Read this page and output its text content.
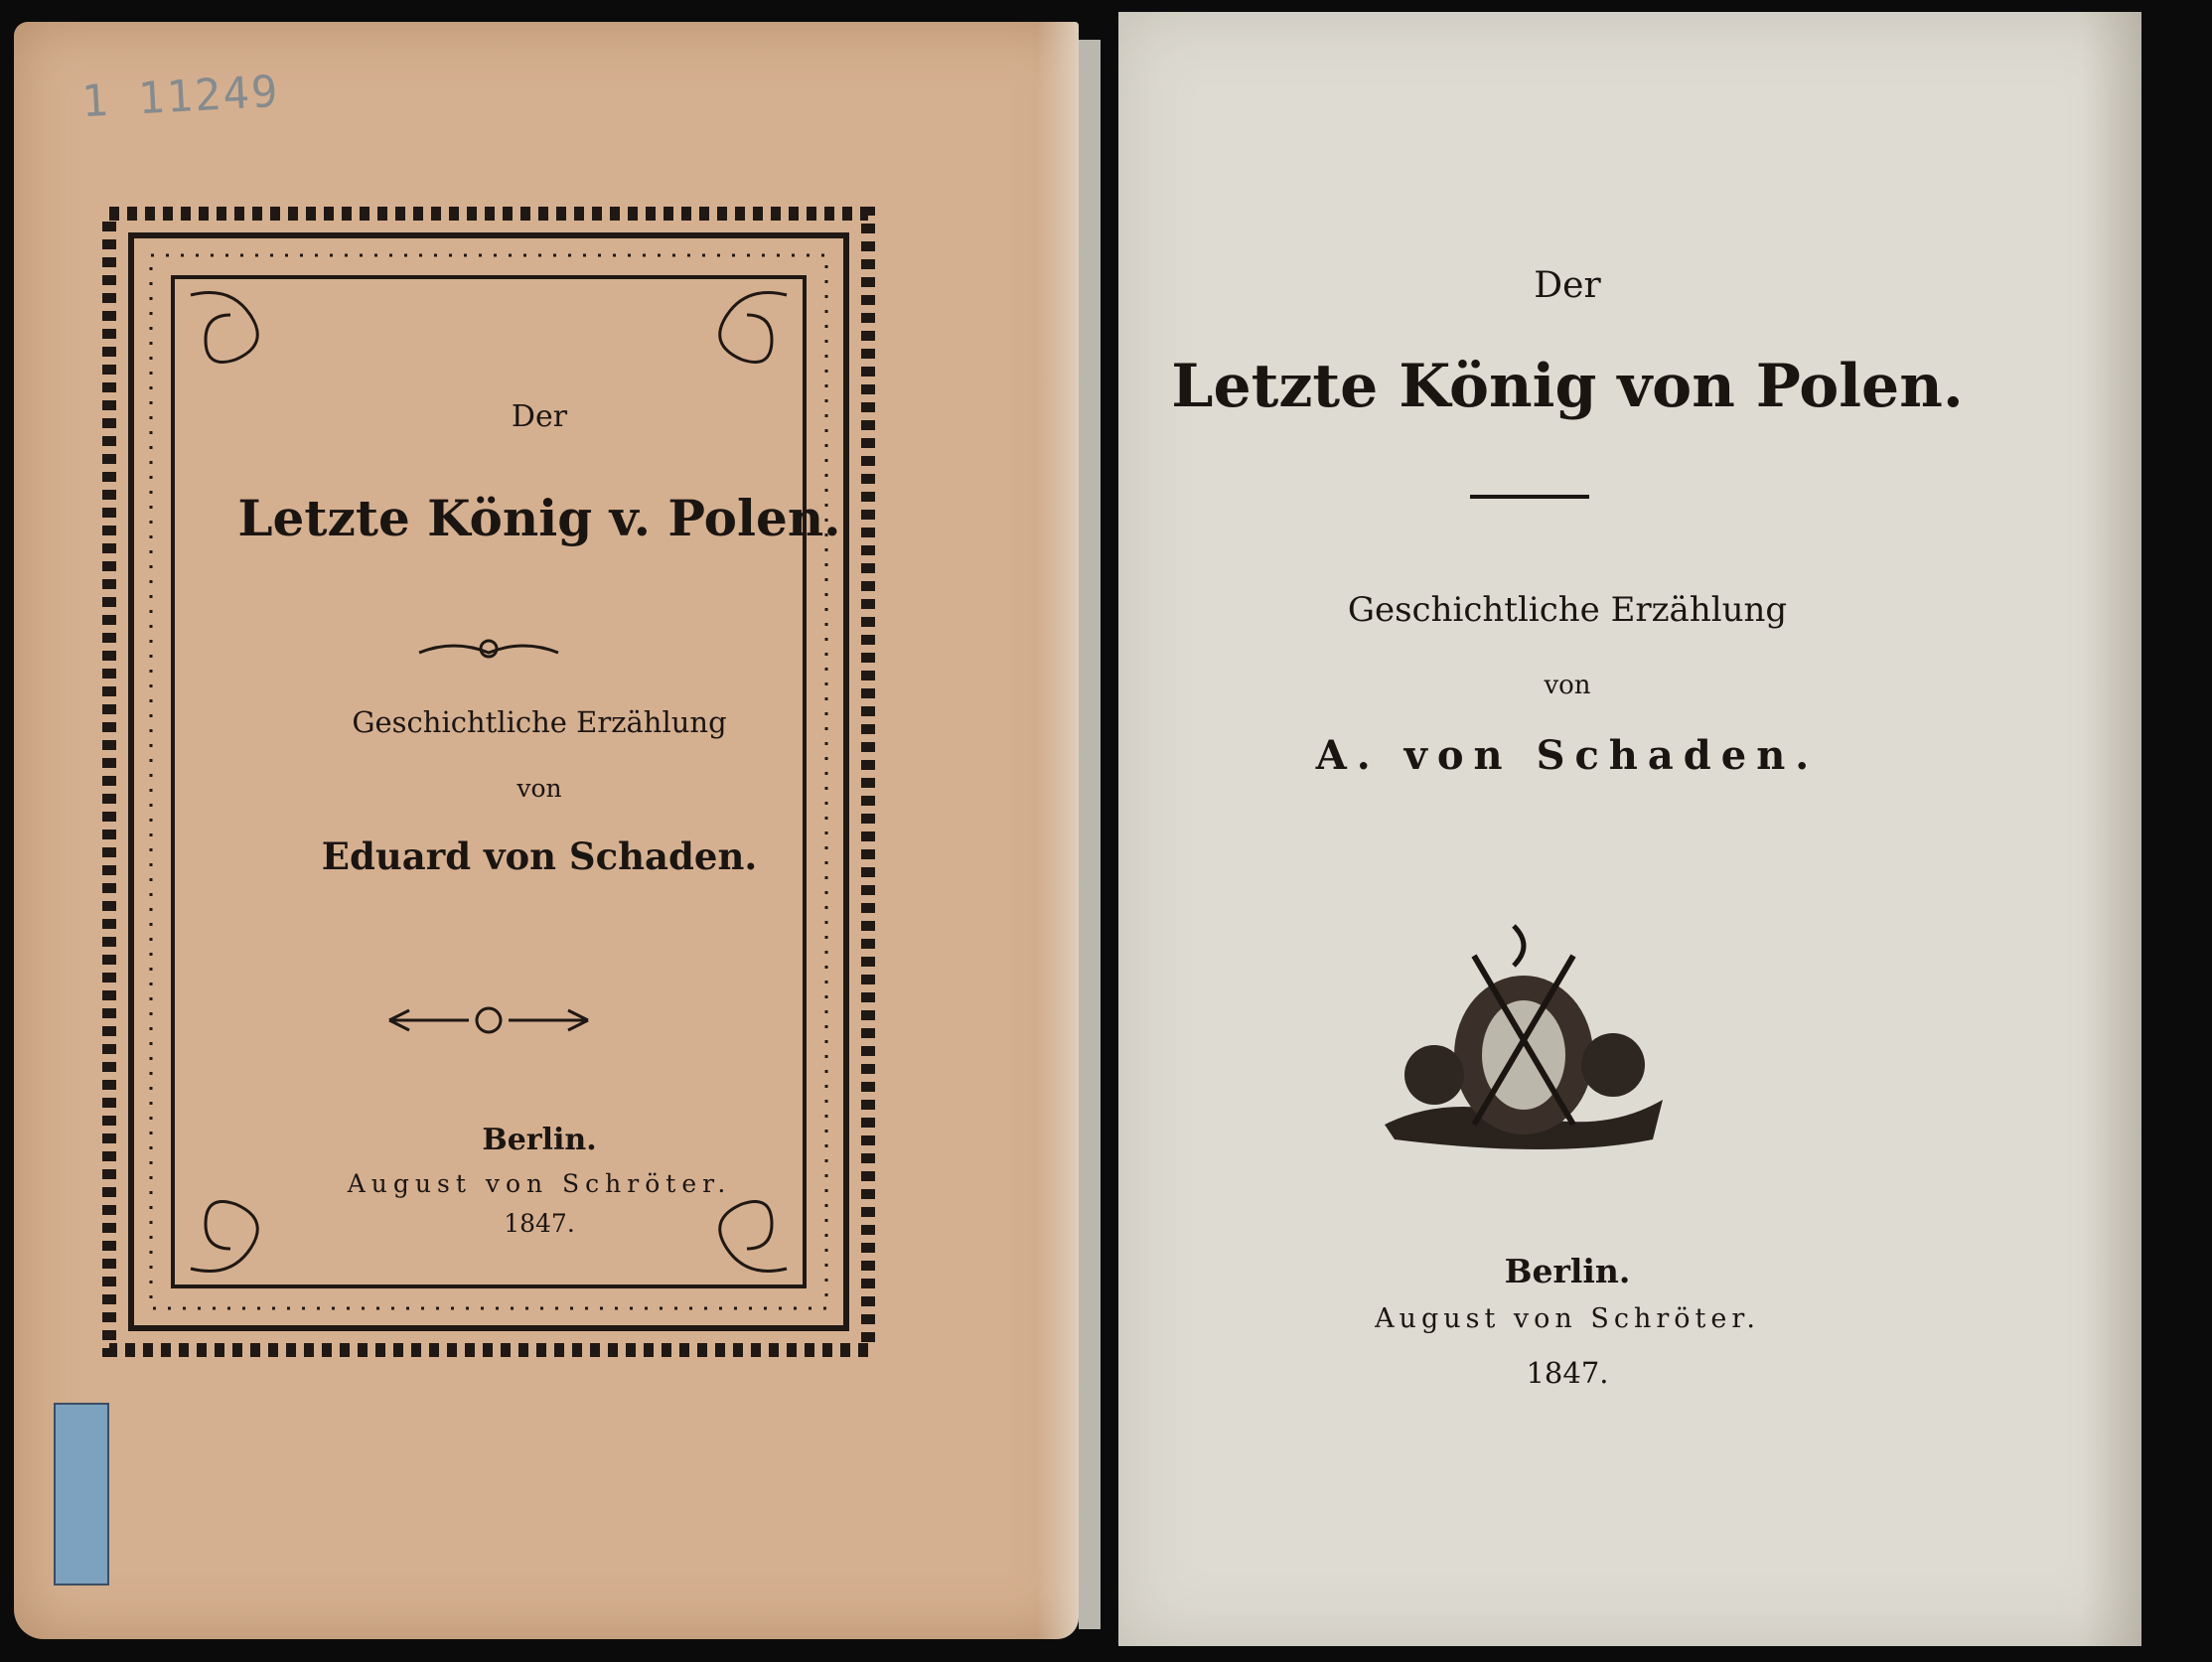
1 11249
Der
Letzte König v. Polen.
Geschichtliche Erzählung
von
Eduard von Schaden.
Berlin.
August von Schröter.
1847.
Der
Letzte König von Polen.
Geschichtliche Erzählung
von
A. von Schaden.
Berlin.
August von Schröter.
1847.
